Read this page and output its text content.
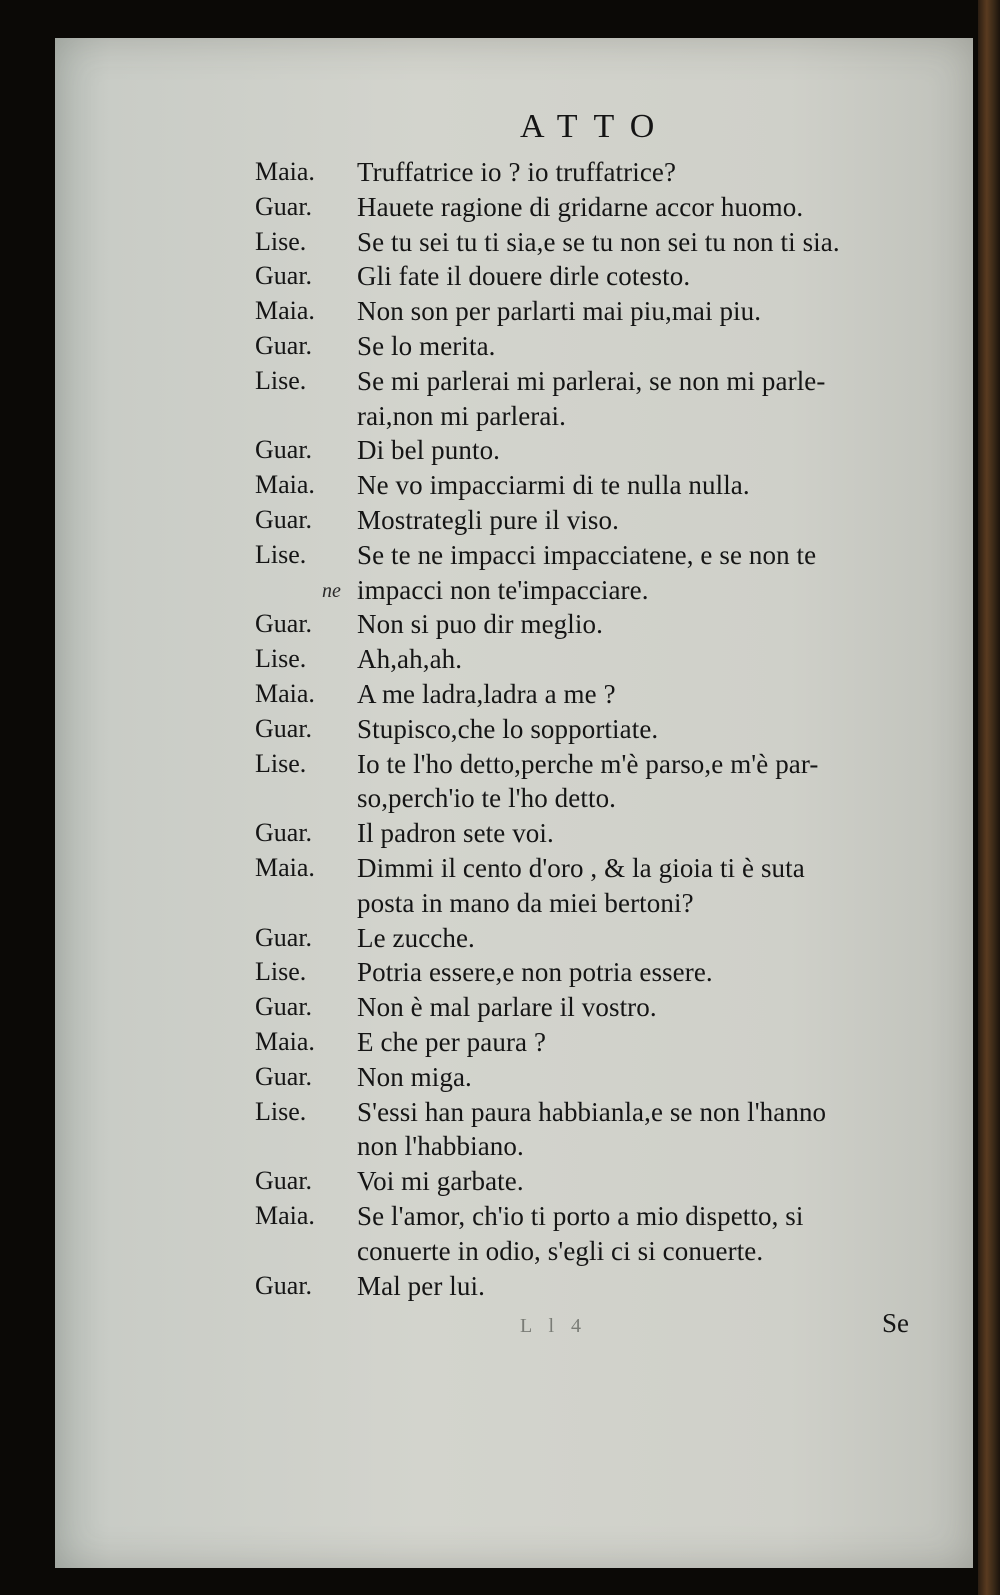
ATTO
Maia.	Truffatrice io ? io truffatrice?
Guar.	Hauete ragione di gridarne accor huomo.
Lise.	Se tu sei tu ti sia,e se tu non sei tu non ti sia.
Guar.	Gli fate il douere dirle cotesto.
Maia.	Non son per parlarti mai piu,mai piu.
Guar.	Se lo merita.
Lise.	Se mi parlerai mi parlerai, se non mi parle-
rai,non mi parlerai.
Guar.	Di bel punto.
Maia.	Ne vo impacciarmi di te nulla nulla.
Guar.	Mostrategli pure il viso.
Lise.	Se te ne impacci impacciatene, e se non te
impacci non te'impacciare.
Guar.	Non si puo dir meglio.
Lise.	Ah,ah,ah.
Maia.	A me ladra,ladra a me ?
Guar.	Stupisco,che lo sopportiate.
Lise.	Io te l'ho detto,perche m'è parso,e m'è par-
so,perch'io te l'ho detto.
Guar.	Il padron sete voi.
Maia.	Dimmi il cento d'oro , & la gioia ti è suta
posta in mano da miei bertoni?
Guar.	Le zucche.
Lise.	Potria essere,e non potria essere.
Guar.	Non è mal parlare il vostro.
Maia.	E che per paura ?
Guar.	Non miga.
Lise.	S'essi han paura habbianla,e se non l'hanno
non l'habbiano.
Guar.	Voi mi garbate.
Maia.	Se l'amor, ch'io ti porto a mio dispetto, si
conuerte in odio, s'egli ci si conuerte.
Guar.	Mal per lui.
ne
L l 4	Se
